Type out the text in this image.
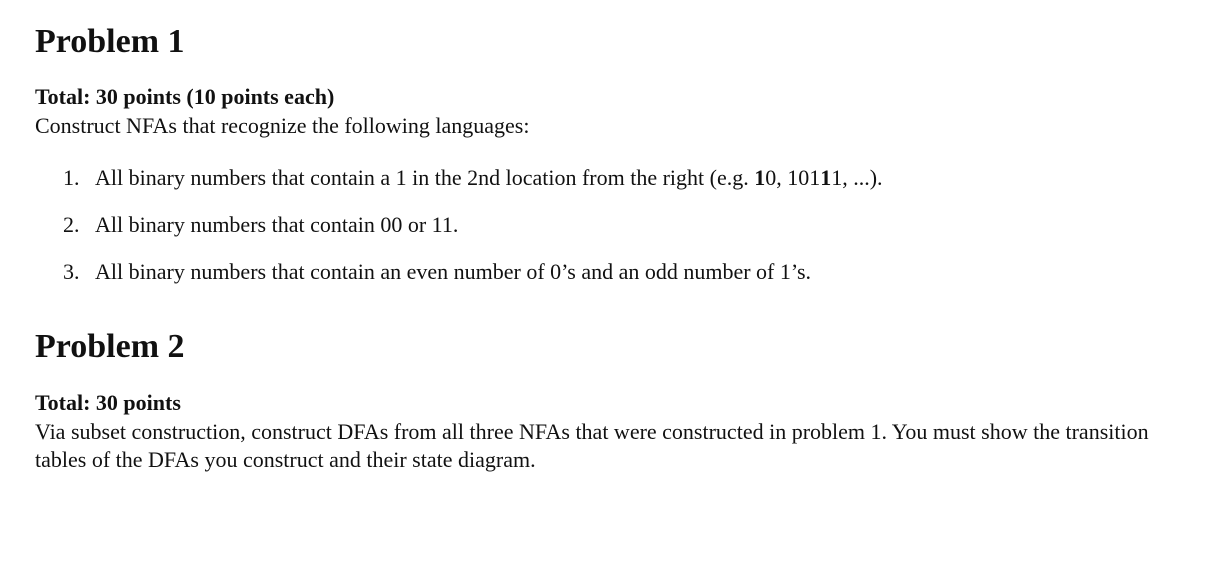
Problem 1
Total: 30 points (10 points each)
Construct NFAs that recognize the following languages:
1. All binary numbers that contain a 1 in the 2nd location from the right (e.g. 10, 10111, ...).
2. All binary numbers that contain 00 or 11.
3. All binary numbers that contain an even number of 0’s and an odd number of 1’s.
Problem 2
Total: 30 points
Via subset construction, construct DFAs from all three NFAs that were constructed in problem 1. You must show the transition tables of the DFAs you construct and their state diagram.
